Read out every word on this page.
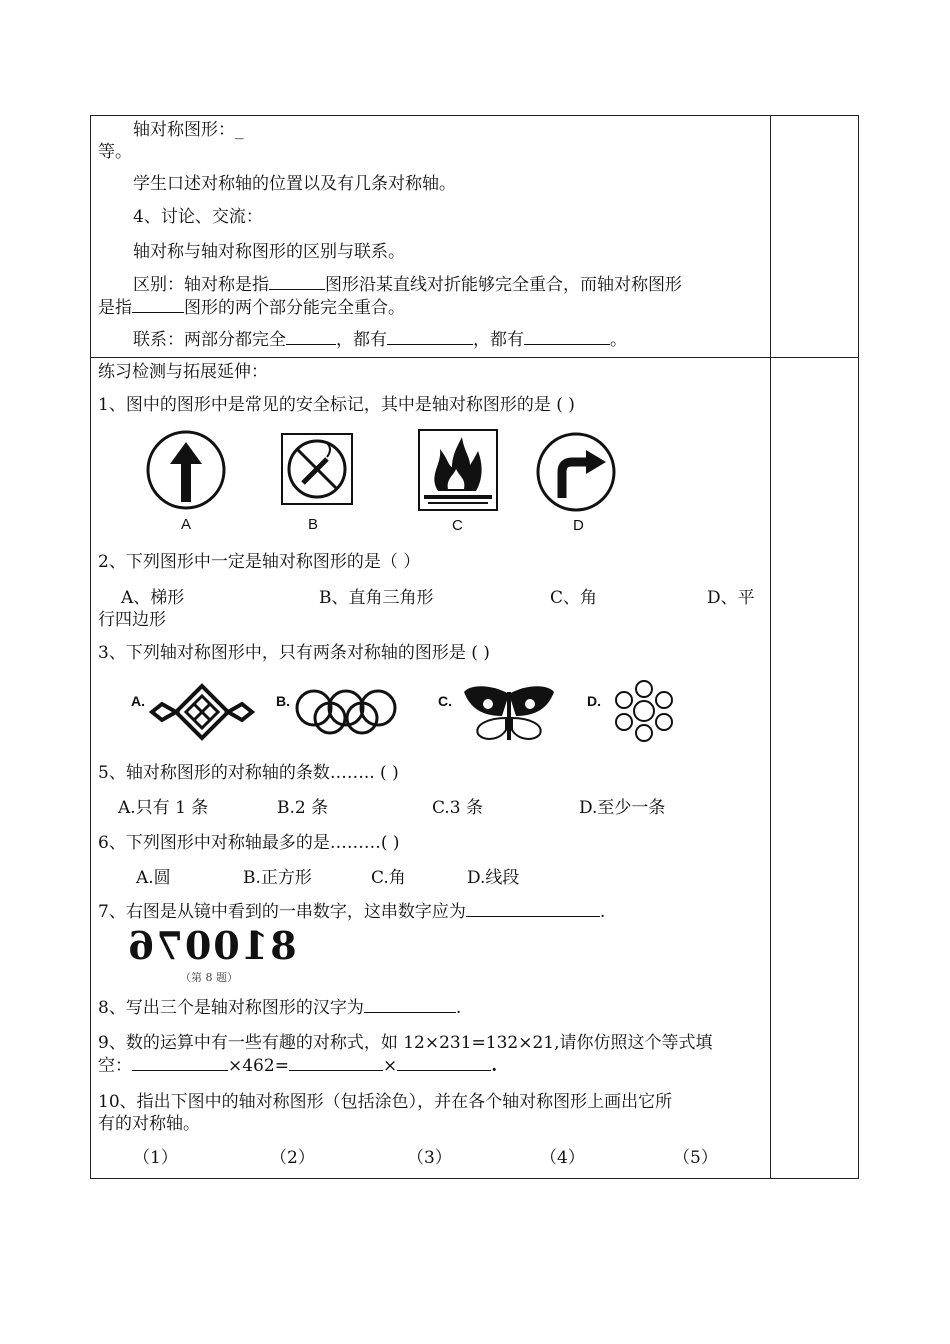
轴对称图形：_
等。
学生口述对称轴的位置以及有几条对称轴。
4、讨论、交流：
轴对称与轴对称图形的区别与联系。
区别：轴对称是指	图形沿某直线对折能够完全重合，而轴对称图形
是指	图形的两个部分能完全重合。
联系：两部分都完全	，都有	，都有	。
练习检测与拓展延伸：
1、图中的图形中是常见的安全标记，其中是轴对称图形的是 ( )
A	B	C	D
2、下列图形中一定是轴对称图形的是（ ）
A、梯形	B、直角三角形	C、角	D、平
行四边形
3、下列轴对称图形中，只有两条对称轴的图形是 ( )
A.	B.	C.	D.
5、轴对称图形的对称轴的条数…….. ( )
A.只有 1 条	B.2 条	C.3 条	D.至少一条
6、下列图形中对称轴最多的是………( )
A.圆	B.正方形	C.角	D.线段
7、右图是从镜中看到的一串数字，这串数字应为	.
810076
（第 8 题）
8、写出三个是轴对称图形的汉字为	.
9、数的运算中有一些有趣的对称式，如 12×231=132×21,请你仿照这个等式填
空：	×462=	×	.
10、指出下图中的轴对称图形（包括涂色），并在各个轴对称图形上画出它所
有的对称轴。
（1）	（2）	（3）	（4）	（5）
